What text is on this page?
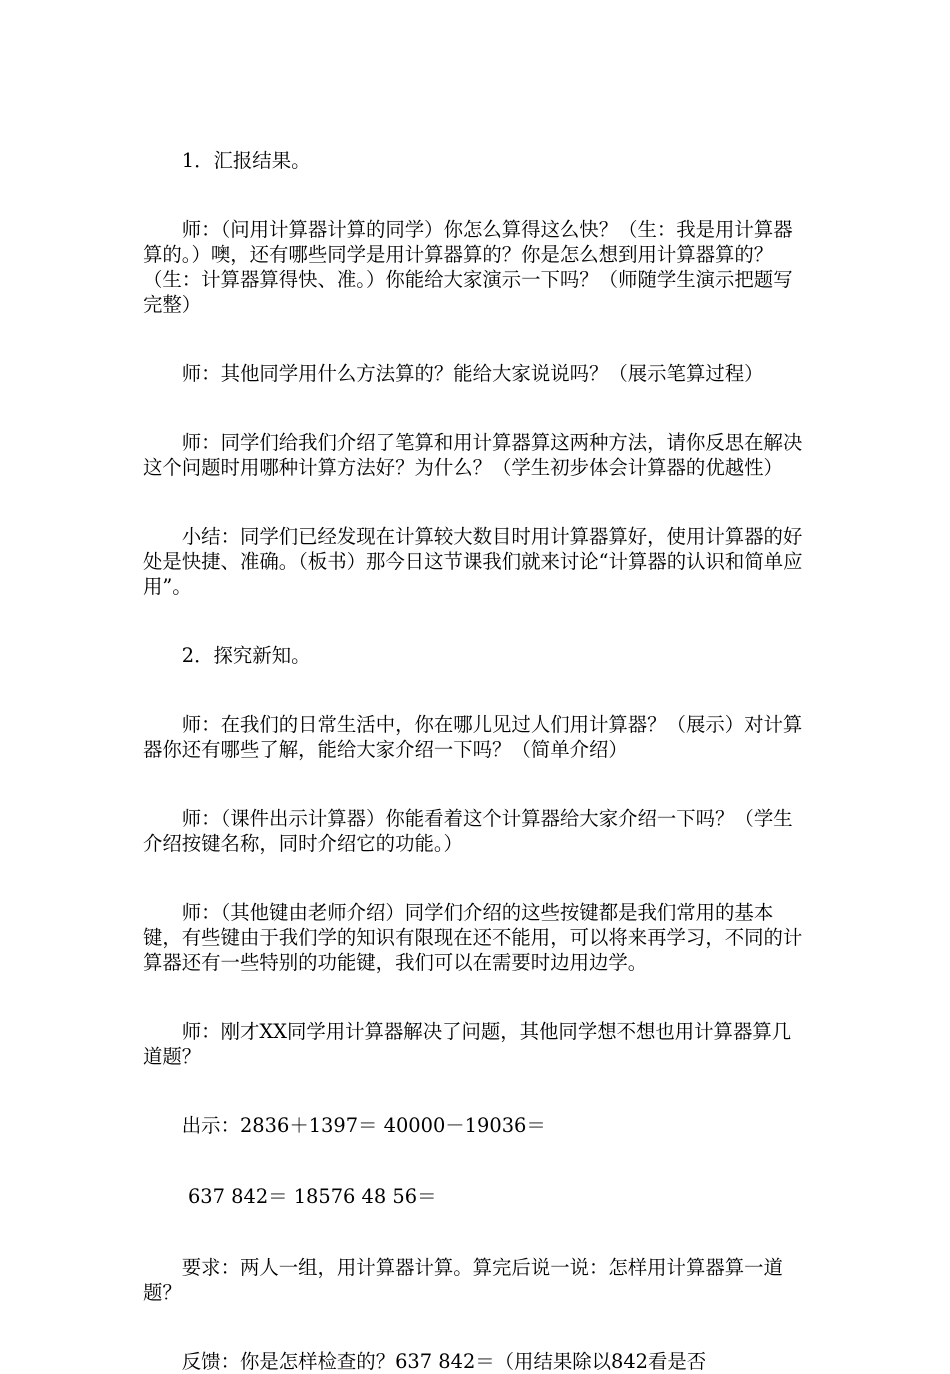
1．汇报结果。

师：（问用计算器计算的同学）你怎么算得这么快？（生：我是用计算器算的。）噢，还有哪些同学是用计算器算的？你是怎么想到用计算器算的？（生：计算器算得快、准。）你能给大家演示一下吗？（师随学生演示把题写完整）

师：其他同学用什么方法算的？能给大家说说吗？（展示笔算过程）

师：同学们给我们介绍了笔算和用计算器算这两种方法，请你反思在解决这个问题时用哪种计算方法好？为什么？（学生初步体会计算器的优越性）

小结：同学们已经发现在计算较大数目时用计算器算好，使用计算器的好处是快捷、准确。（板书）那今日这节课我们就来讨论“计算器的认识和简单应用”。

2．探究新知。

师：在我们的日常生活中，你在哪儿见过人们用计算器？（展示）对计算器你还有哪些了解，能给大家介绍一下吗？（简单介绍）

师：（课件出示计算器）你能看着这个计算器给大家介绍一下吗？（学生介绍按键名称，同时介绍它的功能。）

师：（其他键由老师介绍）同学们介绍的这些按键都是我们常用的基本键，有些键由于我们学的知识有限现在还不能用，可以将来再学习，不同的计算器还有一些特别的功能键，我们可以在需要时边用边学。

师：刚才XX同学用计算器解决了问题，其他同学想不想也用计算器算几道题？

出示：2836＋1397＝ 40000－19036＝

637 842＝ 18576 48 56＝

要求：两人一组，用计算器计算。算完后说一说：怎样用计算器算一道题？

反馈：你是怎样检查的？637 842＝（用结果除以842看是否
